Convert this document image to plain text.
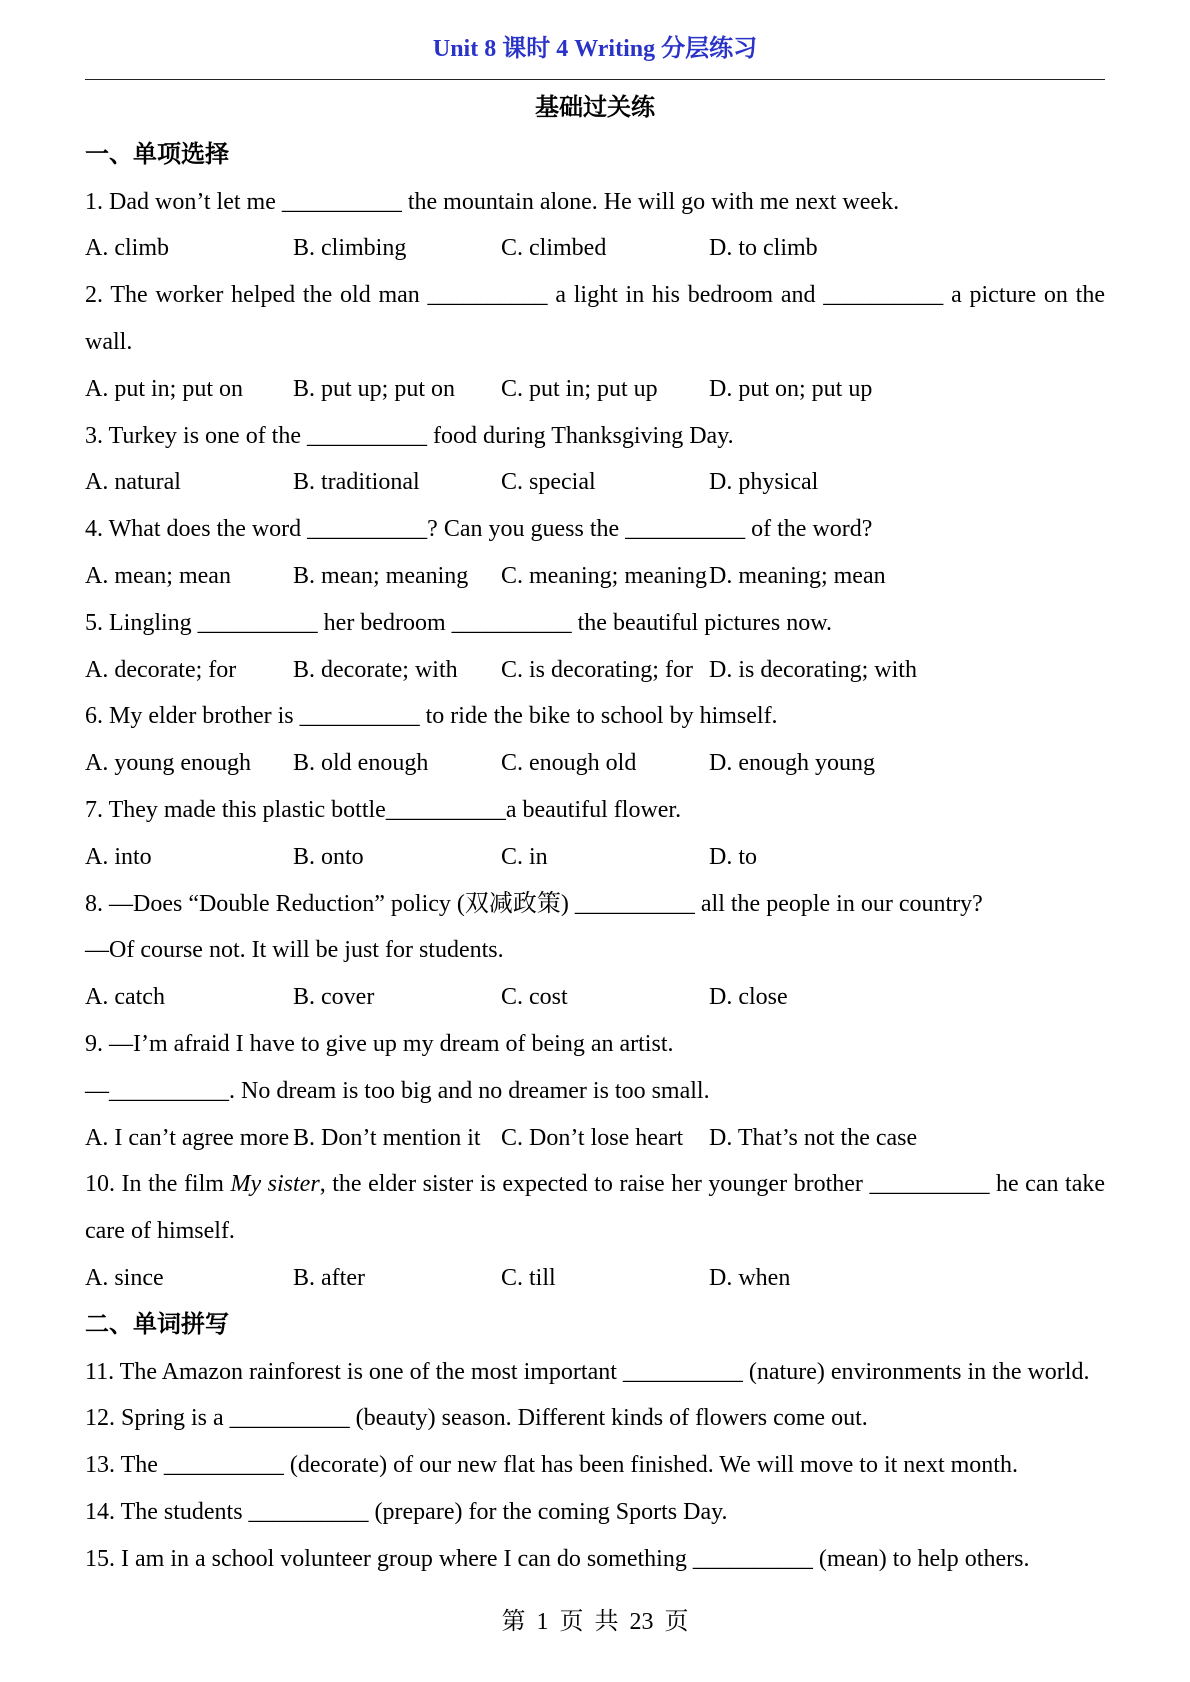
Unit 8 课时 4 Writing 分层练习
基础过关练
一、单项选择
1. Dad won’t let me __________ the mountain alone. He will go with me next week.
A. climb	B. climbing	C. climbed	D. to climb
2. The worker helped the old man __________ a light in his bedroom and __________ a picture on the
wall.
A. put in; put on	B. put up; put on	C. put in; put up	D. put on; put up
3. Turkey is one of the __________ food during Thanksgiving Day.
A. natural	B. traditional	C. special	D. physical
4. What does the word __________? Can you guess the __________ of the word?
A. mean; mean	B. mean; meaning	C. meaning; meaning D. meaning; mean
5. Lingling __________ her bedroom __________ the beautiful pictures now.
A. decorate; for	B. decorate; with	C. is decorating; for D. is decorating; with
6. My elder brother is __________ to ride the bike to school by himself.
A. young enough	B. old enough	C. enough old	D. enough young
7. They made this plastic bottle__________a beautiful flower.
A. into	B. onto	C. in	D. to
8. —Does “Double Reduction” policy (双减政策) __________ all the people in our country?
—Of course not. It will be just for students.
A. catch	B. cover	C. cost	D. close
9. —I’m afraid I have to give up my dream of being an artist.
—__________. No dream is too big and no dreamer is too small.
A. I can’t agree more B. Don’t mention it C. Don’t lose heart	D. That’s not the case
10. In the film My sister, the elder sister is expected to raise her younger brother __________ he can take
care of himself.
A. since	B. after	C. till	D. when
二、单词拼写
11. The Amazon rainforest is one of the most important __________ (nature) environments in the world.
12. Spring is a __________ (beauty) season. Different kinds of flowers come out.
13. The __________ (decorate) of our new flat has been finished. We will move to it next month.
14. The students __________ (prepare) for the coming Sports Day.
15. I am in a school volunteer group where I can do something __________ (mean) to help others.
第 1 页 共 23 页
